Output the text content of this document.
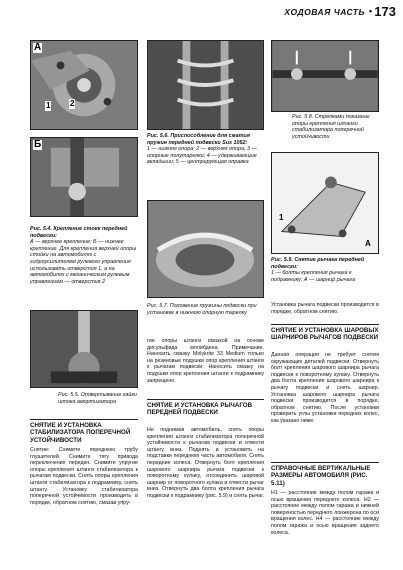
ХОДОВАЯ ЧАСТЬ • 173
А
1 2
Б
Рис. 5.4. Крепление стоек передней подвески:
А — верхнее крепление; Б — нижнее крепление. Для крепления верхней опоры стойки на автомобилях с гидроусилителем рулевого управления использовать отверстия 1, а на автомобилях с механическим рулевым управлением — отверстия 2
Рис. 5.5. Отвертывание гайки штока амортизатора
СНЯТИЕ И УСТАНОВКА СТАБИЛИЗАТОРА ПОПЕРЕЧНОЙ УСТОЙЧИВОСТИ
Снятие: Снимите переднюю трубу глушителей. Снимите тягу привода переключения передач. Снимите упругие опоры крепления штанги стабилизатора к рычагам подвески. Снять опоры крепления штанги стабилизатора к подрамнику, снять штангу. Установку стабилизатора поперечной устойчивости производить в порядке, обратном снятию, смазав упру-
Рис. 5.6. Приспособление для сжатия пружин передней подвески Sus 1052:
1 — нижняя опора; 2 — верхняя опора; 3 — опорные полутарелки; 4 — удерживающие вкладыши; 5 — центрирующая оправка
Рис. 5.7. Положение пружины подвески при установке в нижнюю опорную тарелку
гие опоры штанги смазкой на основе дисульфида молибдена. Примечание. Наносить смазку Molykote 33 Medium только на резиновые подушки опор крепления штанги к рычагам подвески. Наносить смазку на подушки опор крепления штанги к подрамнику запрещено.
СНЯТИЕ И УСТАНОВКА РЫЧАГОВ ПЕРЕДНЕЙ ПОДВЕСКИ
Не поднимая автомобиль, снять опоры крепления штанги стабилизатора поперечной устойчивости к рычагам подвески и отвести штангу вниз. Поднять и установить на подставки переднюю часть автомобиля. Снять передние колеса. Отвернуть болт крепления шарового шарнира рычага подвески к поворотному кулаку, отсоединить шаровой шарнир от поворотного кулака и отвести рычаг вниз. Отвернуть два болта крепления рычага подвески к подрамнику (рис. 5.9) и снять рычаг.
Рис. 5.8. Стрелками показаны опоры крепления штанги стабилизатора поперечной устойчивости
1
А
Рис. 5.9. Снятие рычага передней подвески:
1 — болты крепления рычага к подрамнику; А — шарнир рычага
Установка рычага подвески производится в порядке, обратном снятию.
СНЯТИЕ И УСТАНОВКА ШАРОВЫХ ШАРНИРОВ РЫЧАГОВ ПОДВЕСКИ
Данная операция не требует снятия окружающих деталей подвески. Отвернуть болт крепления шарового шарнира рычага подвески к поворотному кулаку. Отвернуть два болта крепления шарового шарнира к рычагу подвески и снять шарнир. Установка шарового шарнира рычага подвески производится в порядке, обратном снятию. После установки проверить углы установки передних колес, как указано ниже.
СПРАВОЧНЫЕ ВЕРТИКАЛЬНЫЕ РАЗМЕРЫ АВТОМОБИЛЯ (РИС. 5.11)
Н1 — расстояние между полом гаража и осью вращения переднего колеса. Н2 — расстояние между полом гаража и нижней поверхностью переднего лонжерона по оси вращения колес. Н4 — расстояние между полом гаража и осью вращения заднего колеса.
